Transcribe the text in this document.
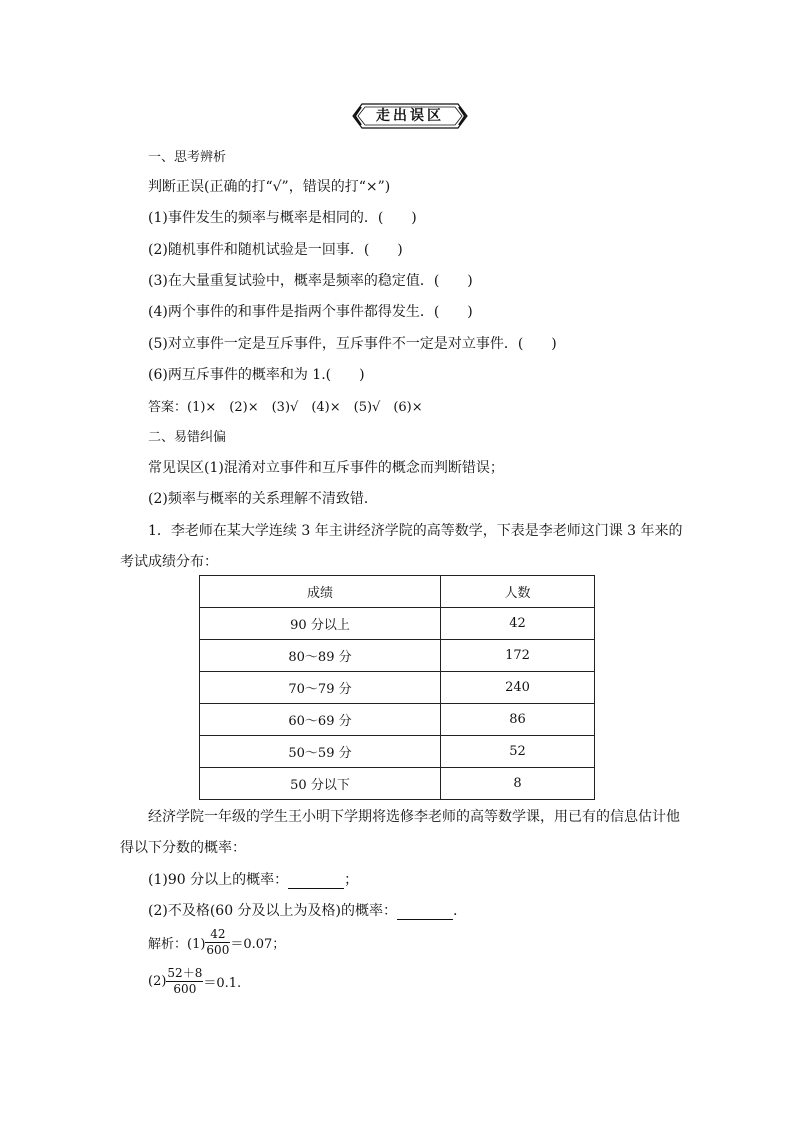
走出误区
一、思考辨析
判断正误(正确的打“√”，错误的打“×”)
(1)事件发生的频率与概率是相同的．(　　)
(2)随机事件和随机试验是一回事．(　　)
(3)在大量重复试验中，概率是频率的稳定值．(　　)
(4)两个事件的和事件是指两个事件都得发生．(　　)
(5)对立事件一定是互斥事件，互斥事件不一定是对立事件．(　　)
(6)两互斥事件的概率和为 1.(　　)
答案：(1)×　(2)×　(3)√　(4)×　(5)√　(6)×
二、易错纠偏
常见误区(1)混淆对立事件和互斥事件的概念而判断错误；
(2)频率与概率的关系理解不清致错．
1．李老师在某大学连续 3 年主讲经济学院的高等数学，下表是李老师这门课 3 年来的
考试成绩分布：
成绩	人数
90 分以上	42
80～89 分	172
70～79 分	240
60～69 分	86
50～59 分	52
50 分以下	8
经济学院一年级的学生王小明下学期将选修李老师的高等数学课，用已有的信息估计他
得以下分数的概率：
(1)90 分以上的概率：	；
(2)不及格(60 分及以上为及格)的概率：	.
解析：$(1) \frac{42}{600} =0.07$；
$(2) \frac{52+8}{600} =0.1$.
